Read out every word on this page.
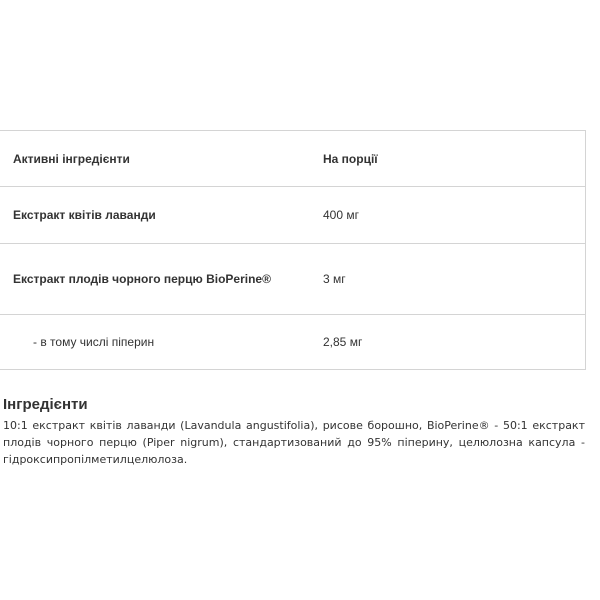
Активні інгредієнти	На порції
Екстракт квітів лаванди	400 мг
Екстракт плодів чорного перцю BioPerine®	3 мг
- в тому числі піперин	2,85 мг
Інгредієнти

10:1 екстракт квітів лаванди (Lavandula angustifolia), рисове борошно, BioPerine® - 50:1 екстракт плодів чорного перцю (Piper nigrum), стандартизований до 95% піперину, целюлозна капсула - гідроксипропілметилцелюлоза.
